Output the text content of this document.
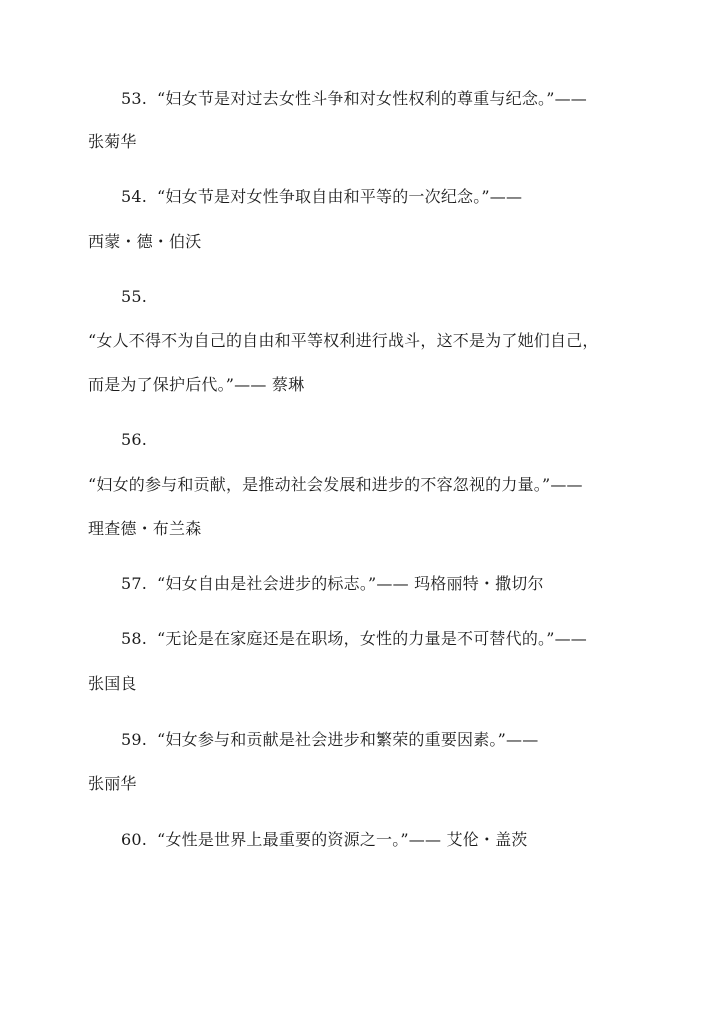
53. “妇女节是对过去女性斗争和对女性权利的尊重与纪念。”——
张菊华
54. “妇女节是对女性争取自由和平等的一次纪念。”——
西蒙・德・伯沃
55.
“女人不得不为自己的自由和平等权利进行战斗，这不是为了她们自己，
而是为了保护后代。”—— 蔡琳
56.
“妇女的参与和贡献，是推动社会发展和进步的不容忽视的力量。”——
理查德・布兰森
57. “妇女自由是社会进步的标志。”—— 玛格丽特・撒切尔
58. “无论是在家庭还是在职场，女性的力量是不可替代的。”——
张国良
59. “妇女参与和贡献是社会进步和繁荣的重要因素。”——
张丽华
60. “女性是世界上最重要的资源之一。”—— 艾伦・盖茨
